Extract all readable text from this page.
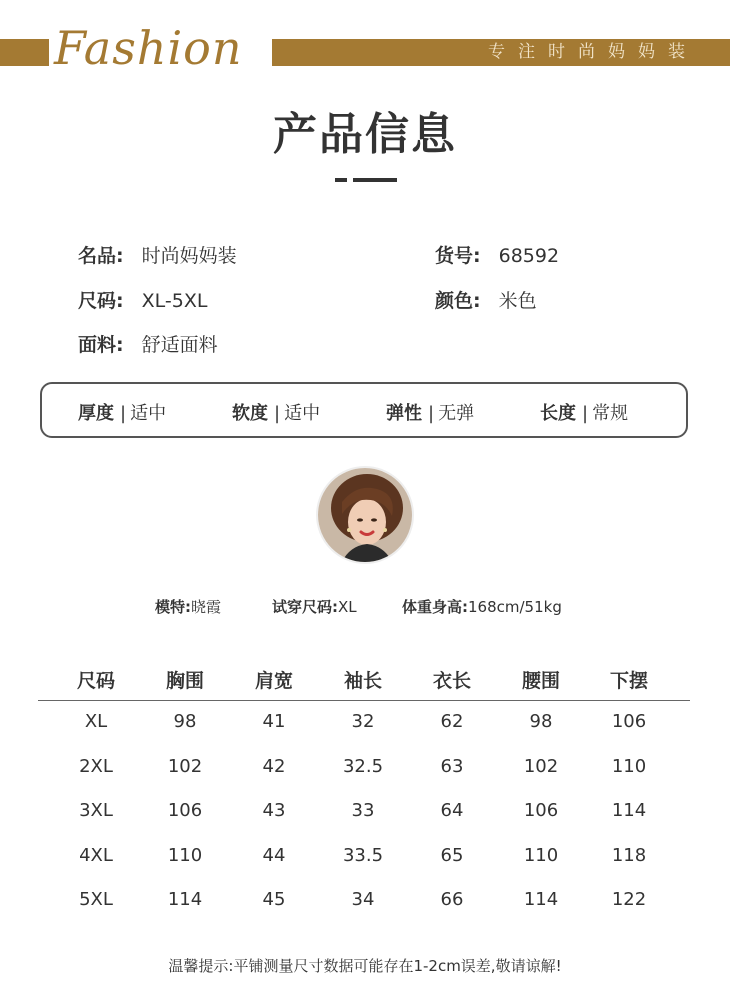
Fashion	专注时尚妈妈装
产品信息
名品: 时尚妈妈装	货号: 68592
尺码: XL-5XL	颜色: 米色
面料: 舒适面料
厚度 | 适中	软度 | 适中	弹性 | 无弹	长度 | 常规
模特:晓霞	试穿尺码:XL	体重身高:168cm/51kg
尺码	胸围	肩宽	袖长	衣长	腰围	下摆
XL	98	41	32	62	98	106
2XL	102	42	32.5	63	102	110
3XL	106	43	33	64	106	114
4XL	110	44	33.5	65	110	118
5XL	114	45	34	66	114	122
温馨提示:平铺测量尺寸数据可能存在1-2cm误差,敬请谅解!
